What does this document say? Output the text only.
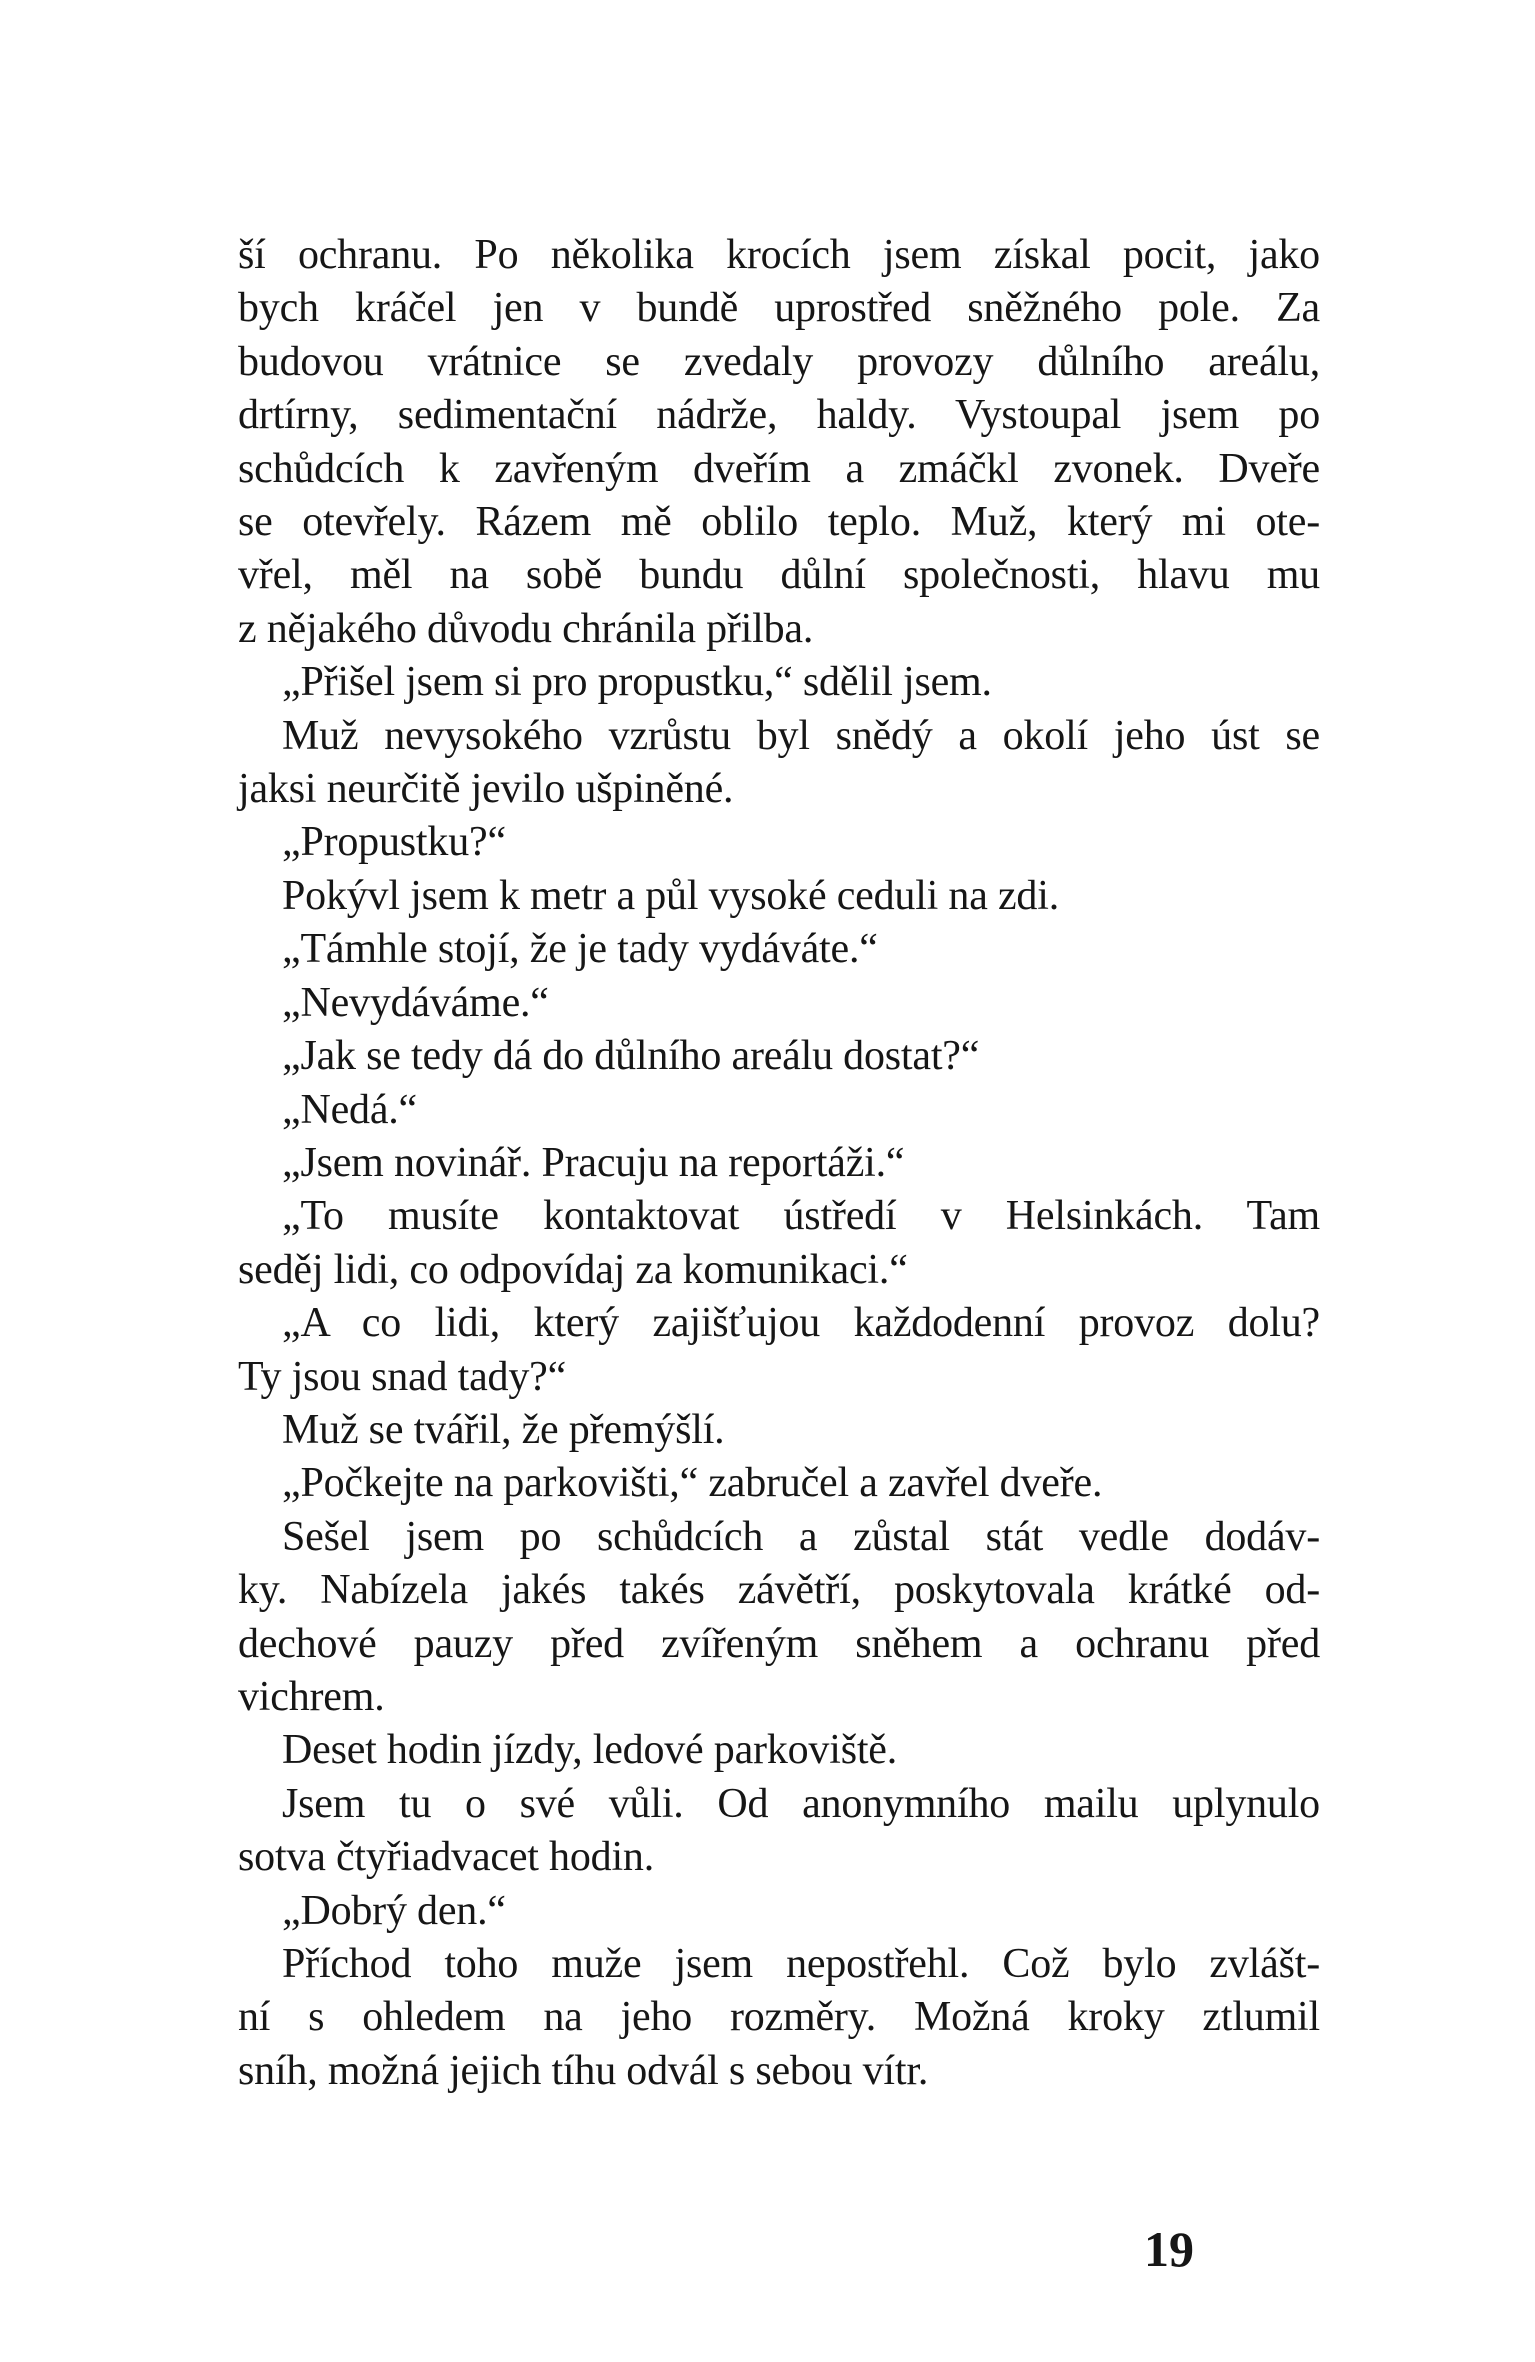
ší ochranu. Po několika krocích jsem získal pocit, jako
bych kráčel jen v bundě uprostřed sněžného pole. Za
budovou vrátnice se zvedaly provozy důlního areálu,
drtírny, sedimentační nádrže, haldy. Vystoupal jsem po
schůdcích k zavřeným dveřím a zmáčkl zvonek. Dveře
se otevřely. Rázem mě oblilo teplo. Muž, který mi ote-
vřel, měl na sobě bundu důlní společnosti, hlavu mu
z nějakého důvodu chránila přilba.
„Přišel jsem si pro propustku,“ sdělil jsem.
Muž nevysokého vzrůstu byl snědý a okolí jeho úst se
jaksi neurčitě jevilo ušpiněné.
„Propustku?“
Pokývl jsem k metr a půl vysoké ceduli na zdi.
„Támhle stojí, že je tady vydáváte.“
„Nevydáváme.“
„Jak se tedy dá do důlního areálu dostat?“
„Nedá.“
„Jsem novinář. Pracuju na reportáži.“
„To musíte kontaktovat ústředí v Helsinkách. Tam
seděj lidi, co odpovídaj za komunikaci.“
„A co lidi, který zajišťujou každodenní provoz dolu?
Ty jsou snad tady?“
Muž se tvářil, že přemýšlí.
„Počkejte na parkovišti,“ zabručel a zavřel dveře.
Sešel jsem po schůdcích a zůstal stát vedle dodáv-
ky. Nabízela jakés takés závětří, poskytovala krátké od-
dechové pauzy před zvířeným sněhem a ochranu před
vichrem.
Deset hodin jízdy, ledové parkoviště.
Jsem tu o své vůli. Od anonymního mailu uplynulo
sotva čtyřiadvacet hodin.
„Dobrý den.“
Příchod toho muže jsem nepostřehl. Což bylo zvlášt-
ní s ohledem na jeho rozměry. Možná kroky ztlumil
sníh, možná jejich tíhu odvál s sebou vítr.
19
